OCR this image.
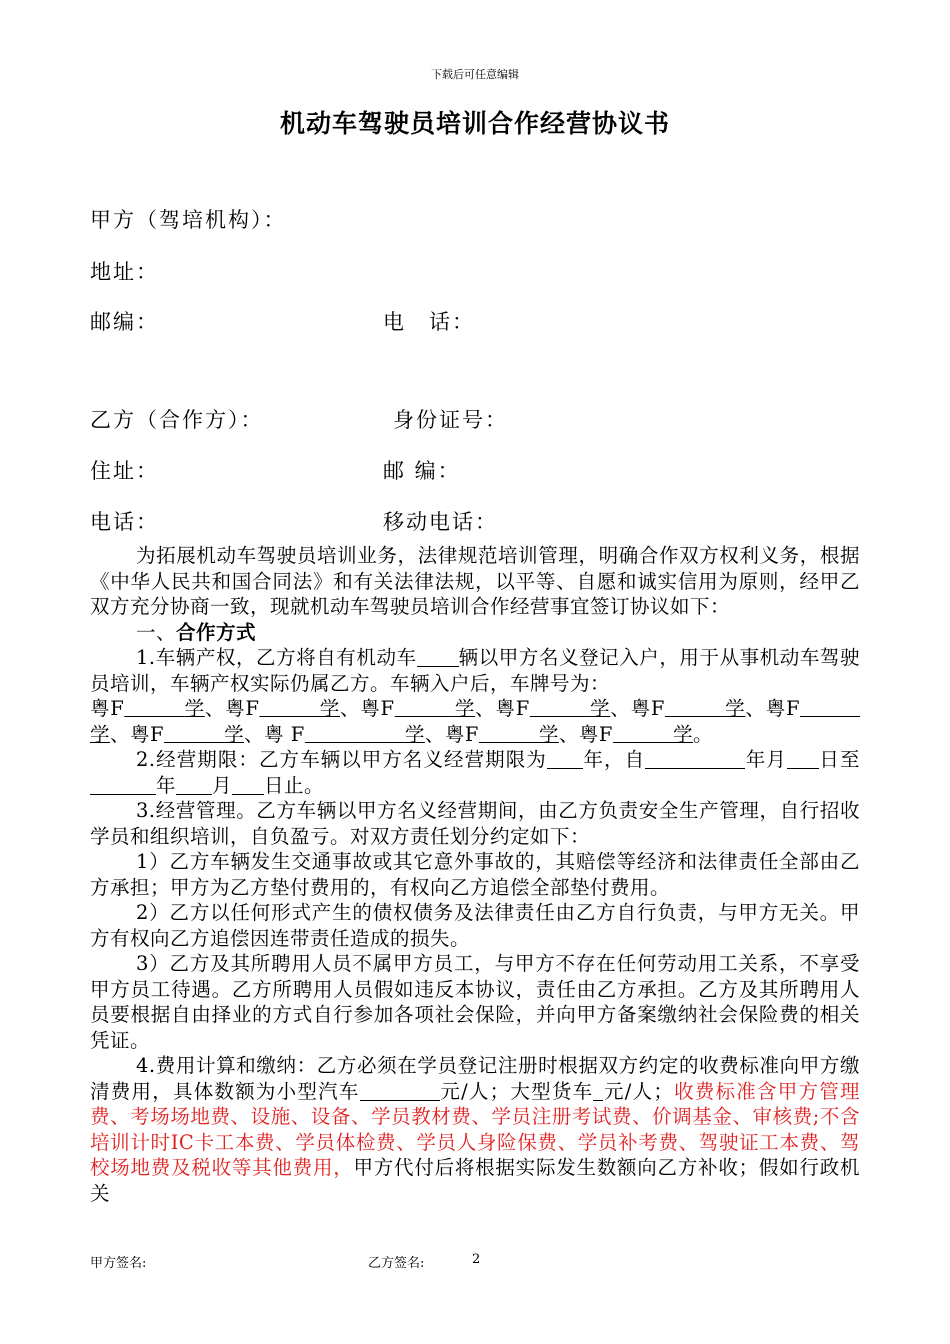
下载后可任意编辑
机动车驾驶员培训合作经营协议书
甲方（驾培机构）：
地址：
邮编：	电　话：
乙方（合作方）：	身份证号：
住址：	邮 编：
电话：	移动电话：

为拓展机动车驾驶员培训业务，法律规范培训管理，明确合作双方权利义务，根据《中华人民共和国合同法》和有关法律法规，以平等、自愿和诚实信用为原则，经甲乙双方充分协商一致，现就机动车驾驶员培训合作经营事宜签订协议如下：

一、合作方式

1.车辆产权，乙方将自有机动车 辆以甲方名义登记入户，用于从事机动车驾驶员培训，车辆产权实际仍属乙方。车辆入户后，车牌号为：
粤F   	学、粤F   	学、粤F   	学、粤F   	学、粤F   	学、粤F   学、粤F   	学、粤 F     	学、粤F   	学、粤F   	学。

2.经营期限：乙方车辆以甲方名义经营期限为 年，自	年月 日至年 月 日止。

3.经营管理。乙方车辆以甲方名义经营期间，由乙方负责安全生产管理，自行招收学员和组织培训，自负盈亏。对双方责任划分约定如下：

1）乙方车辆发生交通事故或其它意外事故的，其赔偿等经济和法律责任全部由乙方承担；甲方为乙方垫付费用的，有权向乙方追偿全部垫付费用。

2）乙方以任何形式产生的债权债务及法律责任由乙方自行负责，与甲方无关。甲方有权向乙方追偿因连带责任造成的损失。

3）乙方及其所聘用人员不属甲方员工，与甲方不存在任何劳动用工关系，不享受甲方员工待遇。乙方所聘用人员假如违反本协议，责任由乙方承担。乙方及其所聘用人员要根据自由择业的方式自行参加各项社会保险，并向甲方备案缴纳社会保险费的相关凭证。

4.费用计算和缴纳：乙方必须在学员登记注册时根据双方约定的收费标准向甲方缴清费用，具体数额为小型汽车	元/人；大型货车 元/人；收费标准含甲方管理费、考场场地费、设施、设备、学员教材费、学员注册考试费、价调基金、审核费;不含培训计时IC卡工本费、学员体检费、学员人身险保费、学员补考费、驾驶证工本费、驾校场地费及税收等其他费用，甲方代付后将根据实际发生数额向乙方补收；假如行政机关

甲方签名:	乙方签名:	2
